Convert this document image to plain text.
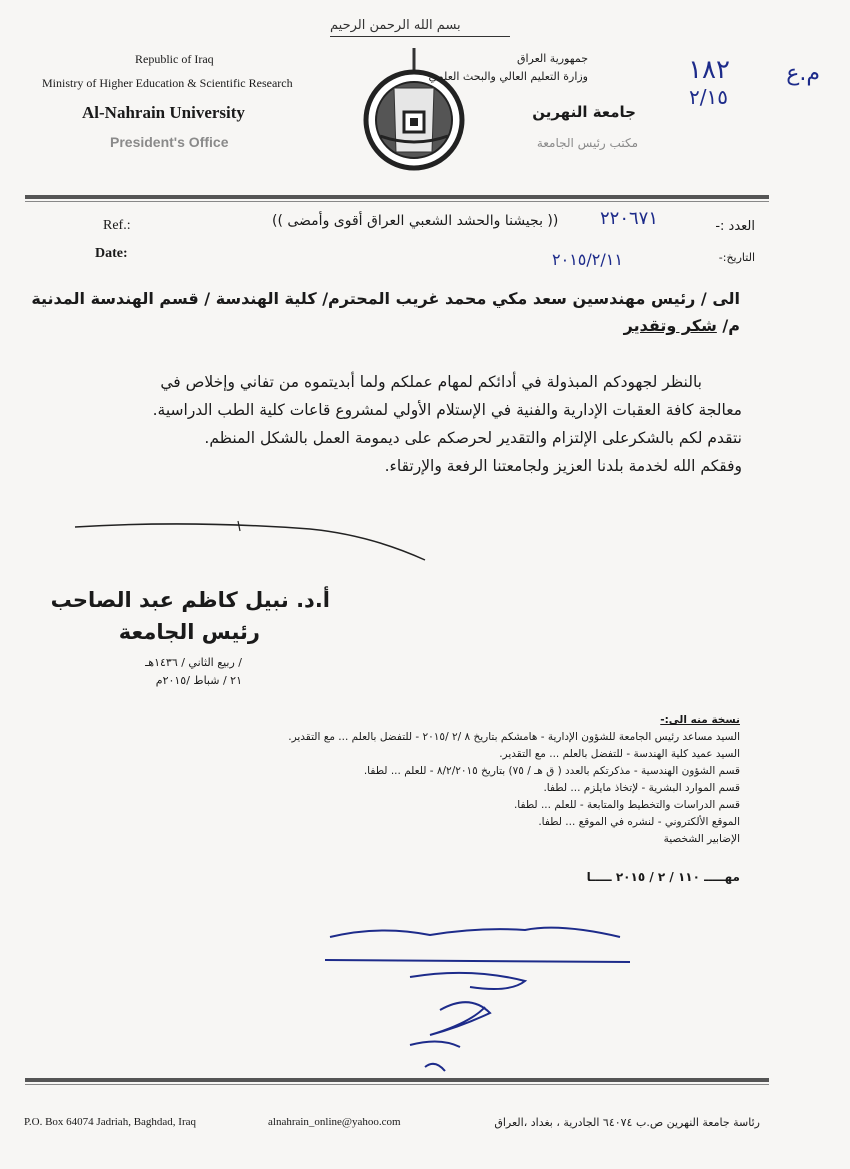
بسم الله الرحمن الرحيم
Republic of Iraq
Ministry of Higher Education & Scientific Research
Al-Nahrain University
President's Office
جمهورية العراق
وزارة التعليم العالي والبحث العلمي
جامعة النهرين
مكتب رئيس الجامعة
١٨٢
٢/١٥
م.ع
Ref.:
Date:
(( بجيشنا والحشد الشعبي العراق أقوى وأمضى ))	العدد :-
٢٢٠٦٧١
التاريخ:-
٢٠١٥/٢/١١
الى / رئيس مهندسين سعد مكي محمد غريب المحترم/ كلية الهندسة / قسم الهندسة المدنية
م/ شكر وتقدير

بالنظر لجهودكم المبذولة في أدائكم لمهام عملكم ولما أبديتموه من تفاني وإخلاص في

معالجة كافة العقبات الإدارية والفنية في الإستلام الأولي لمشروع قاعات كلية الطب الدراسية.

نتقدم لكم بالشكرعلى الإلتزام والتقدير لحرصكم على ديمومة العمل بالشكل المنظم.

وفقكم الله لخدمة بلدنا العزيز ولجامعتنا الرفعة والإرتقاء.

أ.د. نبيل كاظم عبد الصاحب
رئيس الجامعة
/ ربيع الثاني / ١٤٣٦هـ
٢١ / شباط /٢٠١٥م
نسخة منه الى:-
السيد مساعد رئيس الجامعة للشؤون الإدارية - هامشكم بتاريخ ٨ /٢ /٢٠١٥ - للتفضل بالعلم ... مع التقدير.
السيد عميد كلية الهندسة - للتفضل بالعلم ... مع التقدير.
قسم الشؤون الهندسية - مذكرتكم بالعدد ( ق هـ / ٧٥) بتاريخ ٨/٢/٢٠١٥ - للعلم ... لطفا.
قسم الموارد البشرية - لإتخاذ مايلزم ... لطفا.
قسم الدراسات والتخطيط والمتابعة - للعلم ... لطفا.
الموقع الألكتروني - لنشره في الموقع ... لطفا.
الإضابير الشخصية
مهـــــ ١١٠ / ٢ / ٢٠١٥ ـــــا
P.O. Box 64074 Jadriah, Baghdad, Iraq	alnahrain_online@yahoo.com	رئاسة جامعة النهرين ص.ب ٦٤٠٧٤ الجادرية ، بغداد ،العراق
